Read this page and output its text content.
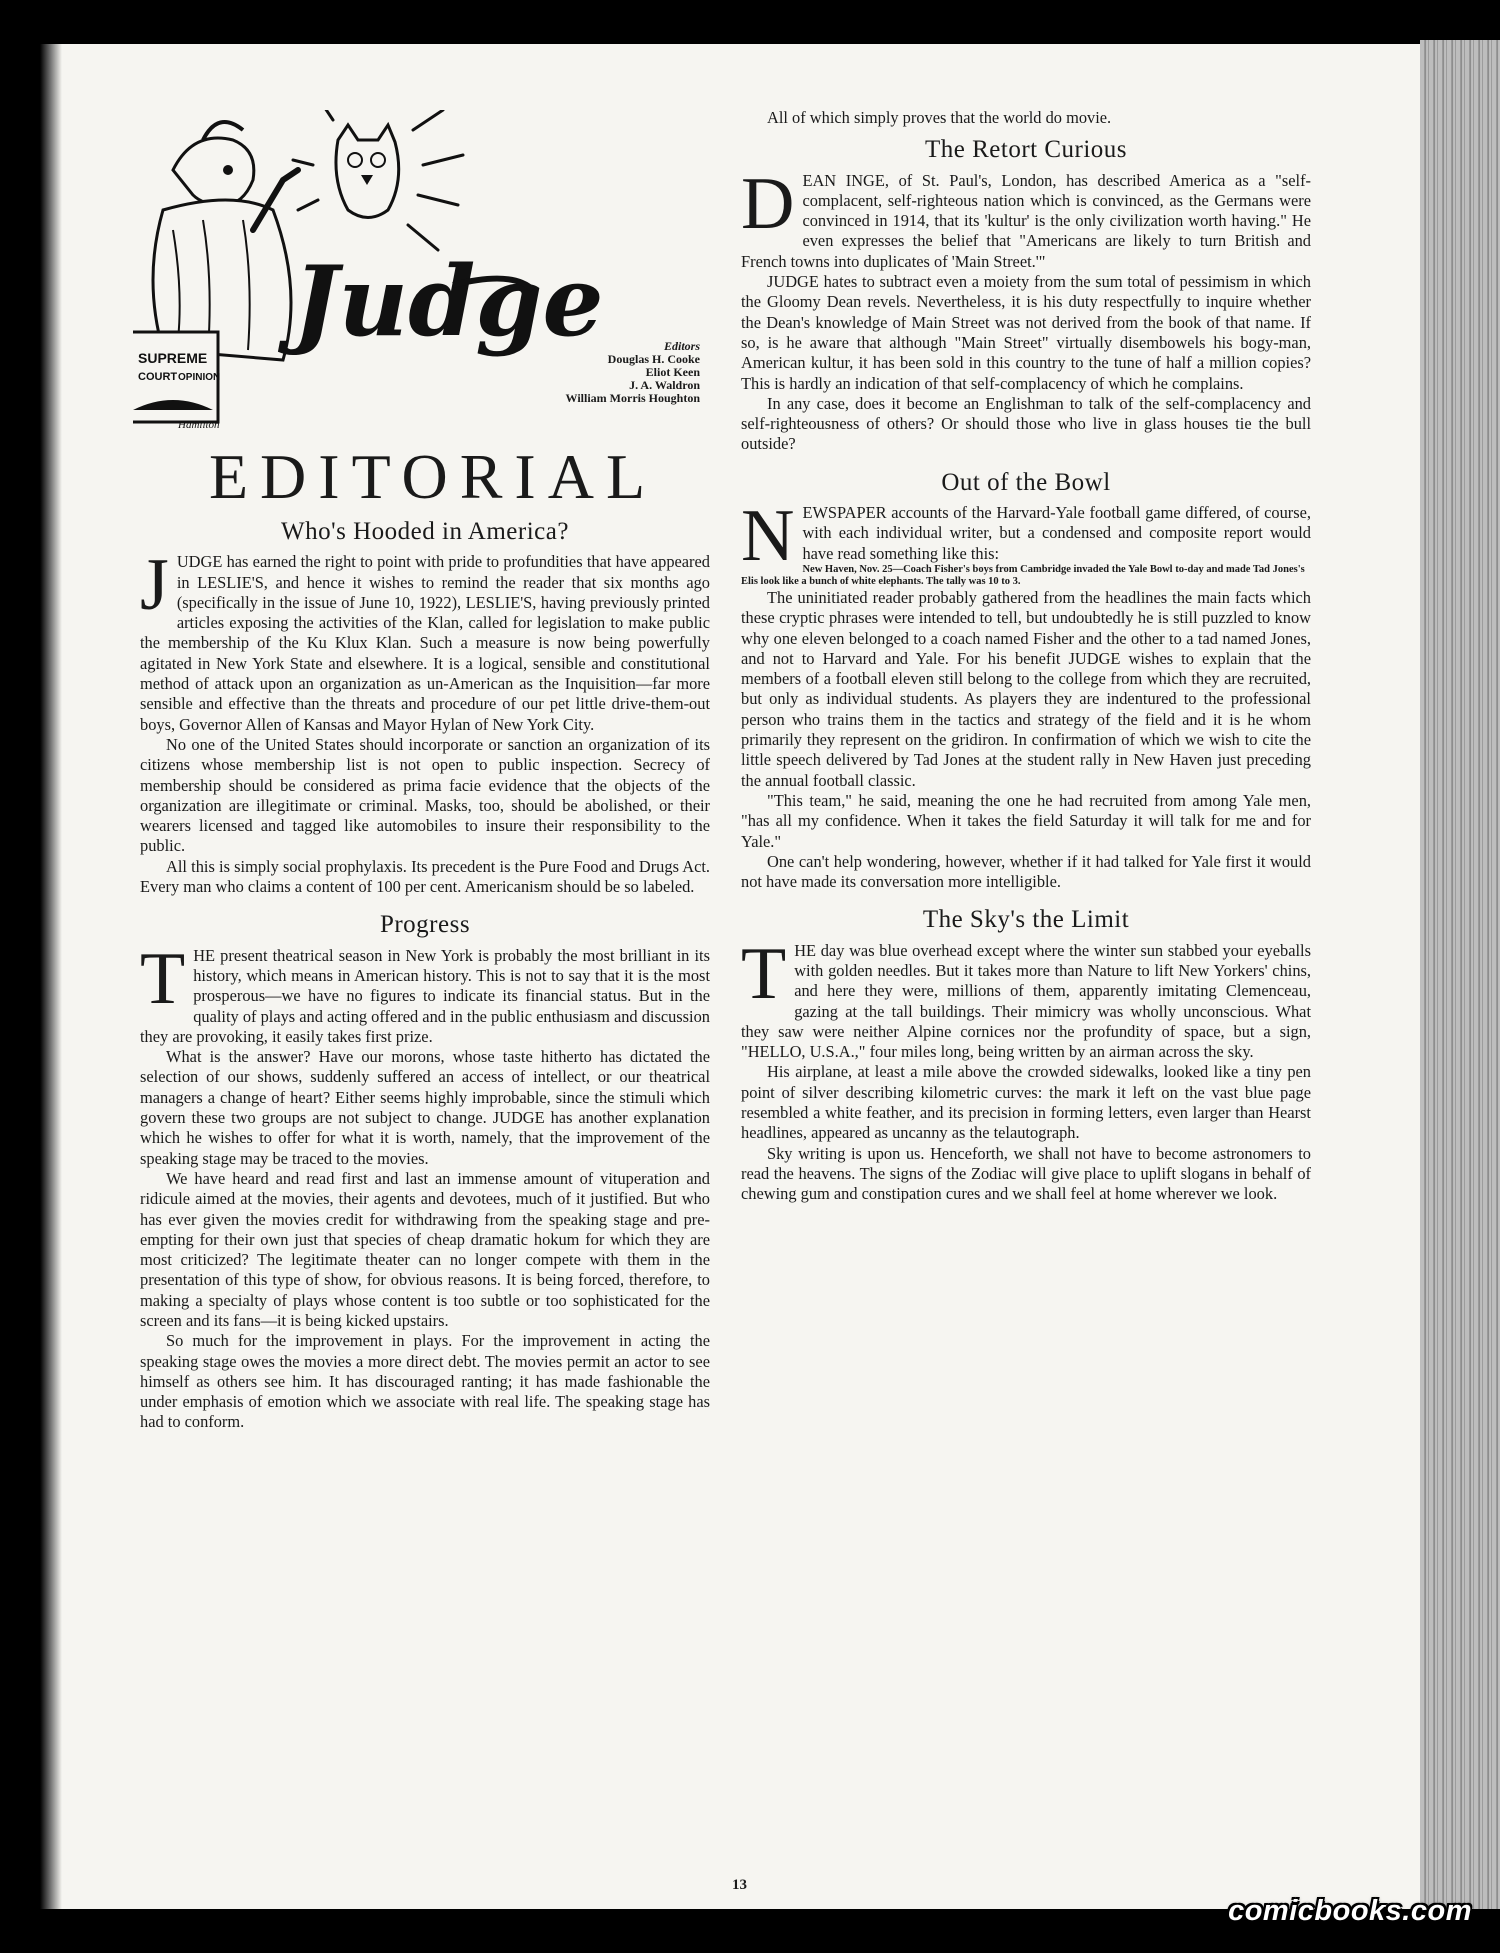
SUPREME
COURT OPINION
Hamilton
Judge	Editors
Douglas H. Cooke
Eliot Keen
J. A. Waldron
William Morris Houghton
EDITORIAL
Who's Hooded in America?

JUDGE has earned the right to point with pride to profundities that have appeared in LESLIE'S, and hence it wishes to remind the reader that six months ago (specifically in the issue of June 10, 1922), LESLIE'S, having previously printed articles exposing the activities of the Klan, called for legislation to make public the membership of the Ku Klux Klan. Such a measure is now being powerfully agitated in New York State and elsewhere. It is a logical, sensible and constitutional method of attack upon an organization as un-American as the Inquisition—far more sensible and effective than the threats and procedure of our pet little drive-them-out boys, Governor Allen of Kansas and Mayor Hylan of New York City.

No one of the United States should incorporate or sanction an organization of its citizens whose membership list is not open to public inspection. Secrecy of membership should be considered as prima facie evidence that the objects of the organization are illegitimate or criminal. Masks, too, should be abolished, or their wearers licensed and tagged like automobiles to insure their responsibility to the public.

All this is simply social prophylaxis. Its precedent is the Pure Food and Drugs Act. Every man who claims a content of 100 per cent. Americanism should be so labeled.

Progress

THE present theatrical season in New York is probably the most brilliant in its history, which means in American history. This is not to say that it is the most prosperous—we have no figures to indicate its financial status. But in the quality of plays and acting offered and in the public enthusiasm and discussion they are provoking, it easily takes first prize.

What is the answer? Have our morons, whose taste hitherto has dictated the selection of our shows, suddenly suffered an access of intellect, or our theatrical managers a change of heart? Either seems highly improbable, since the stimuli which govern these two groups are not subject to change. JUDGE has another explanation which he wishes to offer for what it is worth, namely, that the improvement of the speaking stage may be traced to the movies.

We have heard and read first and last an immense amount of vituperation and ridicule aimed at the movies, their agents and devotees, much of it justified. But who has ever given the movies credit for withdrawing from the speaking stage and pre-empting for their own just that species of cheap dramatic hokum for which they are most criticized? The legitimate theater can no longer compete with them in the presentation of this type of show, for obvious reasons. It is being forced, therefore, to making a specialty of plays whose content is too subtle or too sophisticated for the screen and its fans—it is being kicked upstairs.

So much for the improvement in plays. For the improvement in acting the speaking stage owes the movies a more direct debt. The movies permit an actor to see himself as others see him. It has discouraged ranting; it has made fashionable the under emphasis of emotion which we associate with real life. The speaking stage has had to conform.

All of which simply proves that the world do movie.

The Retort Curious

DEAN INGE, of St. Paul's, London, has described America as a "self-complacent, self-righteous nation which is convinced, as the Germans were convinced in 1914, that its 'kultur' is the only civilization worth having." He even expresses the belief that "Americans are likely to turn British and French towns into duplicates of 'Main Street.'"

JUDGE hates to subtract even a moiety from the sum total of pessimism in which the Gloomy Dean revels. Nevertheless, it is his duty respectfully to inquire whether the Dean's knowledge of Main Street was not derived from the book of that name. If so, is he aware that although "Main Street" virtually disembowels his bogy-man, American kultur, it has been sold in this country to the tune of half a million copies? This is hardly an indication of that self-complacency of which he complains.

In any case, does it become an Englishman to talk of the self-complacency and self-righteousness of others? Or should those who live in glass houses tie the bull outside?

Out of the Bowl

NEWSPAPER accounts of the Harvard-Yale football game differed, of course, with each individual writer, but a condensed and composite report would have read something like this:

New Haven, Nov. 25—Coach Fisher's boys from Cambridge invaded the Yale Bowl to-day and made Tad Jones's Elis look like a bunch of white elephants. The tally was 10 to 3.

The uninitiated reader probably gathered from the headlines the main facts which these cryptic phrases were intended to tell, but undoubtedly he is still puzzled to know why one eleven belonged to a coach named Fisher and the other to a tad named Jones, and not to Harvard and Yale. For his benefit JUDGE wishes to explain that the members of a football eleven still belong to the college from which they are recruited, but only as individual students. As players they are indentured to the professional person who trains them in the tactics and strategy of the field and it is he whom primarily they represent on the gridiron. In confirmation of which we wish to cite the little speech delivered by Tad Jones at the student rally in New Haven just preceding the annual football classic.

"This team," he said, meaning the one he had recruited from among Yale men, "has all my confidence. When it takes the field Saturday it will talk for me and for Yale."

One can't help wondering, however, whether if it had talked for Yale first it would not have made its conversation more intelligible.

The Sky's the Limit

THE day was blue overhead except where the winter sun stabbed your eyeballs with golden needles. But it takes more than Nature to lift New Yorkers' chins, and here they were, millions of them, apparently imitating Clemenceau, gazing at the tall buildings. Their mimicry was wholly unconscious. What they saw were neither Alpine cornices nor the profundity of space, but a sign, "HELLO, U.S.A.," four miles long, being written by an airman across the sky.

His airplane, at least a mile above the crowded sidewalks, looked like a tiny pen point of silver describing kilometric curves: the mark it left on the vast blue page resembled a white feather, and its precision in forming letters, even larger than Hearst headlines, appeared as uncanny as the telautograph.

Sky writing is upon us. Henceforth, we shall not have to become astronomers to read the heavens. The signs of the Zodiac will give place to uplift slogans in behalf of chewing gum and constipation cures and we shall feel at home wherever we look.

13
comicbooks.com
